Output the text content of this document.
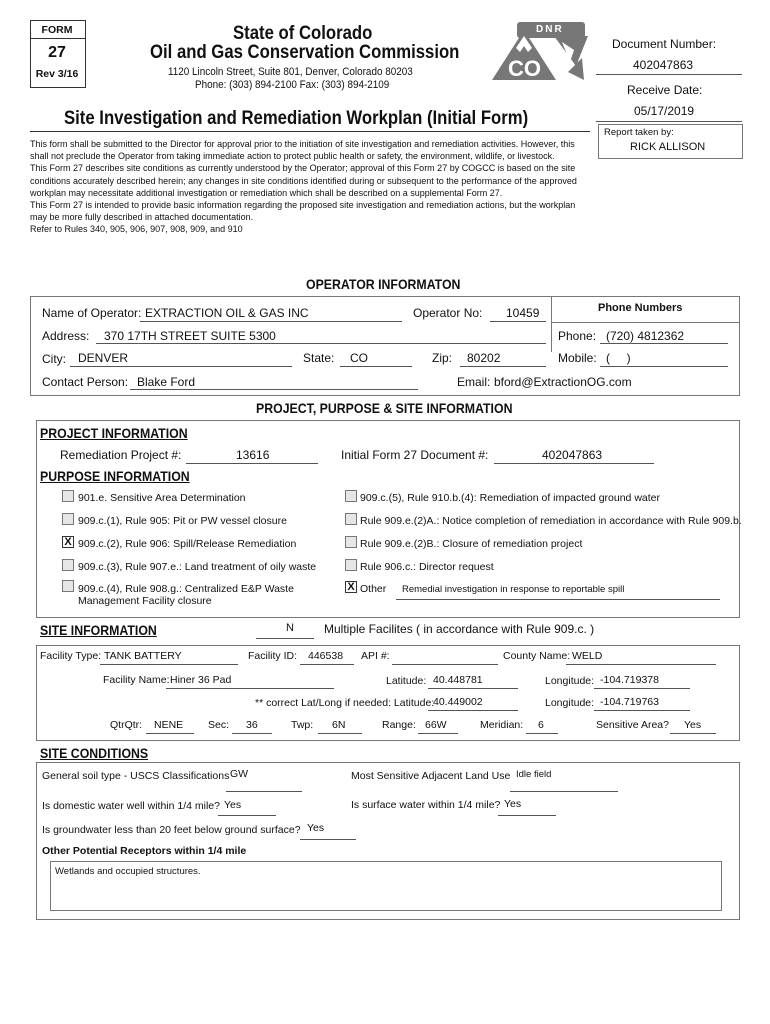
FORM
27
Rev 3/16
State of Colorado
Oil and Gas Conservation Commission
1120 Lincoln Street, Suite 801, Denver, Colorado 80203
Phone: (303) 894-2100 Fax: (303) 894-2109
DNR
CO
Document Number:
402047863
Receive Date:
05/17/2019
Report taken by:
RICK ALLISON
Site Investigation and Remediation Workplan (Initial Form)

This form shall be submitted to the Director for approval prior to the initiation of site investigation and remediation activities. However, this shall not preclude the Operator from taking immediate action to protect public health or safety, the environment, wildlife, or livestock.

This Form 27 describes site conditions as currently understood by the Operator; approval of this Form 27 by COGCC is based on the site conditions accurately described herein; any changes in site conditions identified during or subsequent to the performance of the approved workplan may necessitate additional investigation or remediation which shall be described on a supplemental Form 27.

This Form 27 is intended to provide basic information regarding the proposed site investigation and remediation actions, but the workplan may be more fully described in attached documentation.

Refer to Rules 340, 905, 906, 907, 908, 909, and 910

OPERATOR INFORMATON
Name of Operator: EXTRACTION OIL & GAS INC	Operator No: 10459	Phone Numbers
Address: 370 17TH STREET SUITE 5300	Phone: (720) 4812362
City: DENVER	State: CO	Zip: 80202	Mobile: (     )
Contact Person: Blake Ford	Email: bford@ExtractionOG.com
PROJECT, PURPOSE & SITE INFORMATION
PROJECT INFORMATION
Remediation Project #:	13616	Initial Form 27 Document #:	402047863
PURPOSE INFORMATION
901.e. Sensitive Area Determination
909.c.(1), Rule 905: Pit or PW vessel closure
X 909.c.(2), Rule 906: Spill/Release Remediation
909.c.(3), Rule 907.e.: Land treatment of oily waste
909.c.(4), Rule 908.g.: Centralized E&P Waste
Management Facility closure
909.c.(5), Rule 910.b.(4): Remediation of impacted ground water
Rule 909.e.(2)A.: Notice completion of remediation in accordance with Rule 909.b.
Rule 909.e.(2)B.: Closure of remediation project
Rule 906.c.: Director request
X Other Remedial investigation in response to reportable spill
SITE INFORMATION	N	Multiple Facilites ( in accordance with Rule 909.c. )
Facility Type: TANK BATTERY	Facility ID: 446538 API #:	County Name: WELD
Facility Name: Hiner 36 Pad	Latitude: 40.448781	Longitude: -104.719378
** correct Lat/Long if needed: Latitude:
40.449002	Longitude: -104.719763
QtrQtr: NENE Sec: 36	Twp: 6N	Range: 66W	Meridian: 6	Sensitive Area? Yes
SITE CONDITIONS
General soil type - USCS Classifications GW	Most Sensitive Adjacent Land Use Idle field
Is domestic water well within 1/4 mile? Yes	Is surface water within 1/4 mile? Yes
Is groundwater less than 20 feet below ground surface? Yes
Other Potential Receptors within 1/4 mile
Wetlands and occupied structures.
